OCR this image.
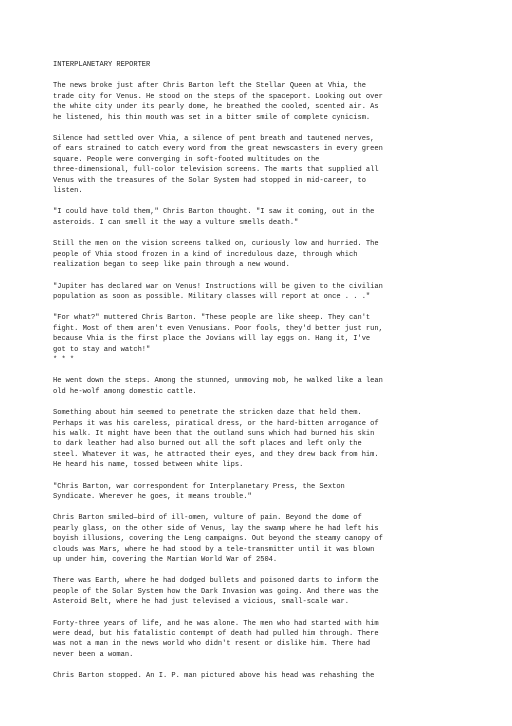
INTERPLANETARY REPORTER
The news broke just after Chris Barton left the Stellar Queen at Vhia, the
trade city for Venus. He stood on the steps of the spaceport. Looking out over
the white city under its pearly dome, he breathed the cooled, scented air. As
he listened, his thin mouth was set in a bitter smile of complete cynicism.
Silence had settled over Vhia, a silence of pent breath and tautened nerves,
of ears strained to catch every word from the great newscasters in every green
square. People were converging in soft-footed multitudes on the
three-dimensional, full-color television screens. The marts that supplied all
Venus with the treasures of the Solar System had stopped in mid-career, to
listen.
"I could have told them," Chris Barton thought. "I saw it coming, out in the
asteroids. I can smell it the way a vulture smells death."
Still the men on the vision screens talked on, curiously low and hurried. The
people of Vhia stood frozen in a kind of incredulous daze, through which
realization began to seep like pain through a new wound.
"Jupiter has declared war on Venus! Instructions will be given to the civilian
population as soon as possible. Military classes will report at once . . ."
"For what?" muttered Chris Barton. "These people are like sheep. They can't
fight. Most of them aren't even Venusians. Poor fools, they'd better just run,
because Vhia is the first place the Jovians will lay eggs on. Hang it, I've
got to stay and watch!"
* * *
He went down the steps. Among the stunned, unmoving mob, he walked like a lean
old he-wolf among domestic cattle.
Something about him seemed to penetrate the stricken daze that held them.
Perhaps it was his careless, piratical dress, or the hard-bitten arrogance of
his walk. It might have been that the outland suns which had burned his skin
to dark leather had also burned out all the soft places and left only the
steel. Whatever it was, he attracted their eyes, and they drew back from him.
He heard his name, tossed between white lips.
"Chris Barton, war correspondent for Interplanetary Press, the Sexton
Syndicate. Wherever he goes, it means trouble."
Chris Barton smiled—bird of ill-omen, vulture of pain. Beyond the dome of
pearly glass, on the other side of Venus, lay the swamp where he had left his
boyish illusions, covering the Leng campaigns. Out beyond the steamy canopy of
clouds was Mars, where he had stood by a tele-transmitter until it was blown
up under him, covering the Martian World War of 2504.
There was Earth, where he had dodged bullets and poisoned darts to inform the
people of the Solar System how the Dark Invasion was going. And there was the
Asteroid Belt, where he had just televised a vicious, small-scale war.
Forty-three years of life, and he was alone. The men who had started with him
were dead, but his fatalistic contempt of death had pulled him through. There
was not a man in the news world who didn't resent or dislike him. There had
never been a woman.
Chris Barton stopped. An I. P. man pictured above his head was rehashing the
